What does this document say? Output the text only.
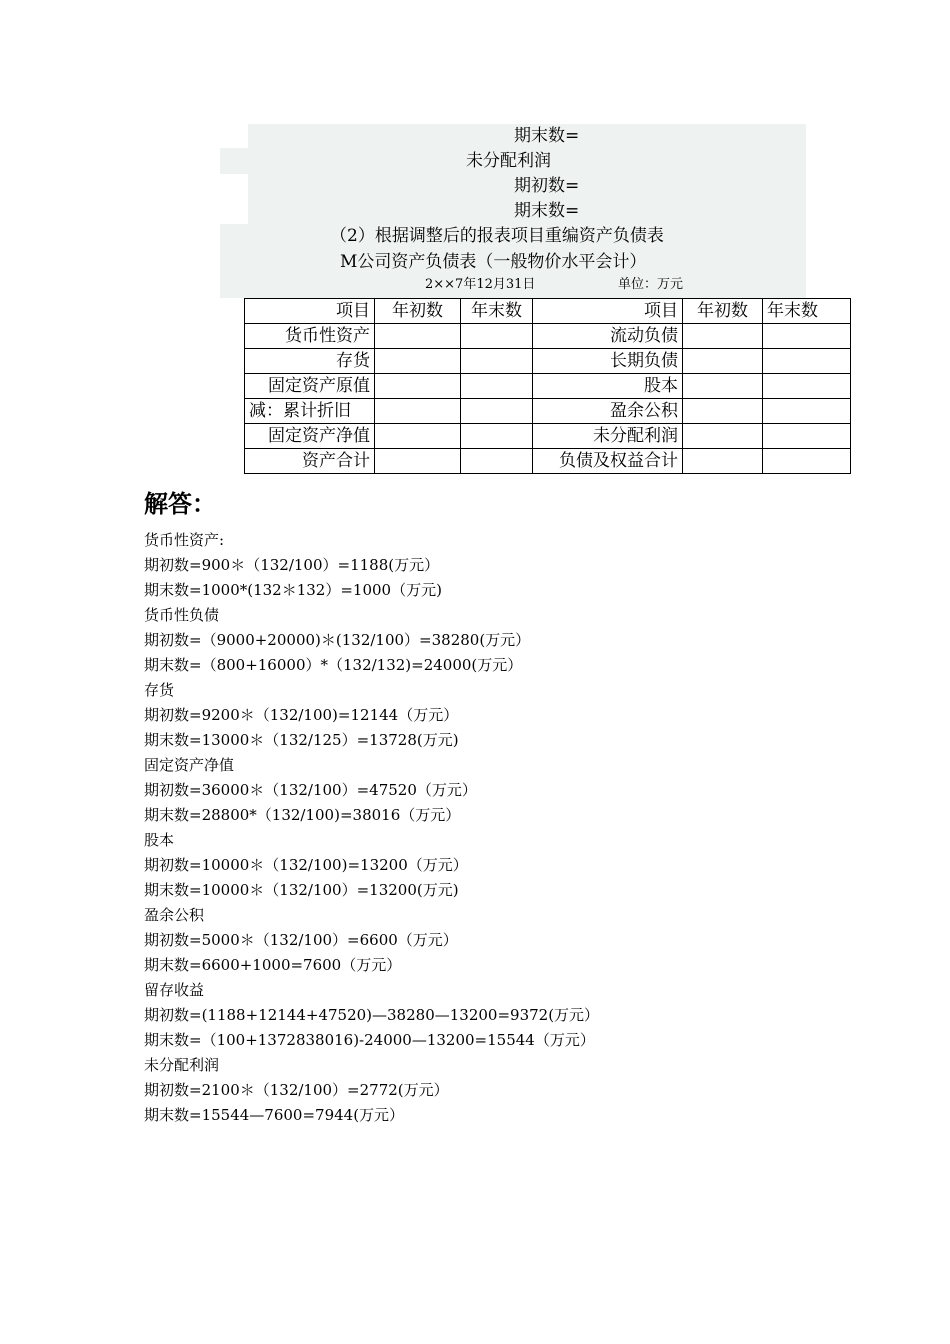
期末数=
未分配利润
期初数=
期末数=
（2）根据调整后的报表项目重编资产负债表
M公司资产负债表（一般物价水平会计）
2××7年12月31日	单位：万元
项目	年初数	年末数	项目	年初数	年末数
货币性资产			流动负债		
存货			长期负债		
固定资产原值			股本		
减：累计折旧			盈余公积		
固定资产净值			未分配利润		
资产合计			负债及权益合计		
解答：
货币性资产:
期初数=900＊（132/100）=1188(万元）
期末数=1000*(132＊132）=1000（万元)
货币性负债
期初数=（9000+20000)＊(132/100）=38280(万元）
期末数=（800+16000）*（132/132)=24000(万元）
存货
期初数=9200＊（132/100)=12144（万元）
期末数=13000＊（132/125）=13728(万元)
固定资产净值
期初数=36000＊（132/100）=47520（万元）
期末数=28800*（132/100)=38016（万元）
股本
期初数=10000＊（132/100)=13200（万元）
期末数=10000＊（132/100）=13200(万元)
盈余公积
期初数=5000＊（132/100）=6600（万元）
期末数=6600+1000=7600（万元）
留存收益
期初数=(1188+12144+47520)—38280—13200=9372(万元）
期末数=（100+1372838016)-24000—13200=15544（万元）
未分配利润
期初数=2100＊（132/100）=2772(万元）
期末数=15544—7600=7944(万元）
